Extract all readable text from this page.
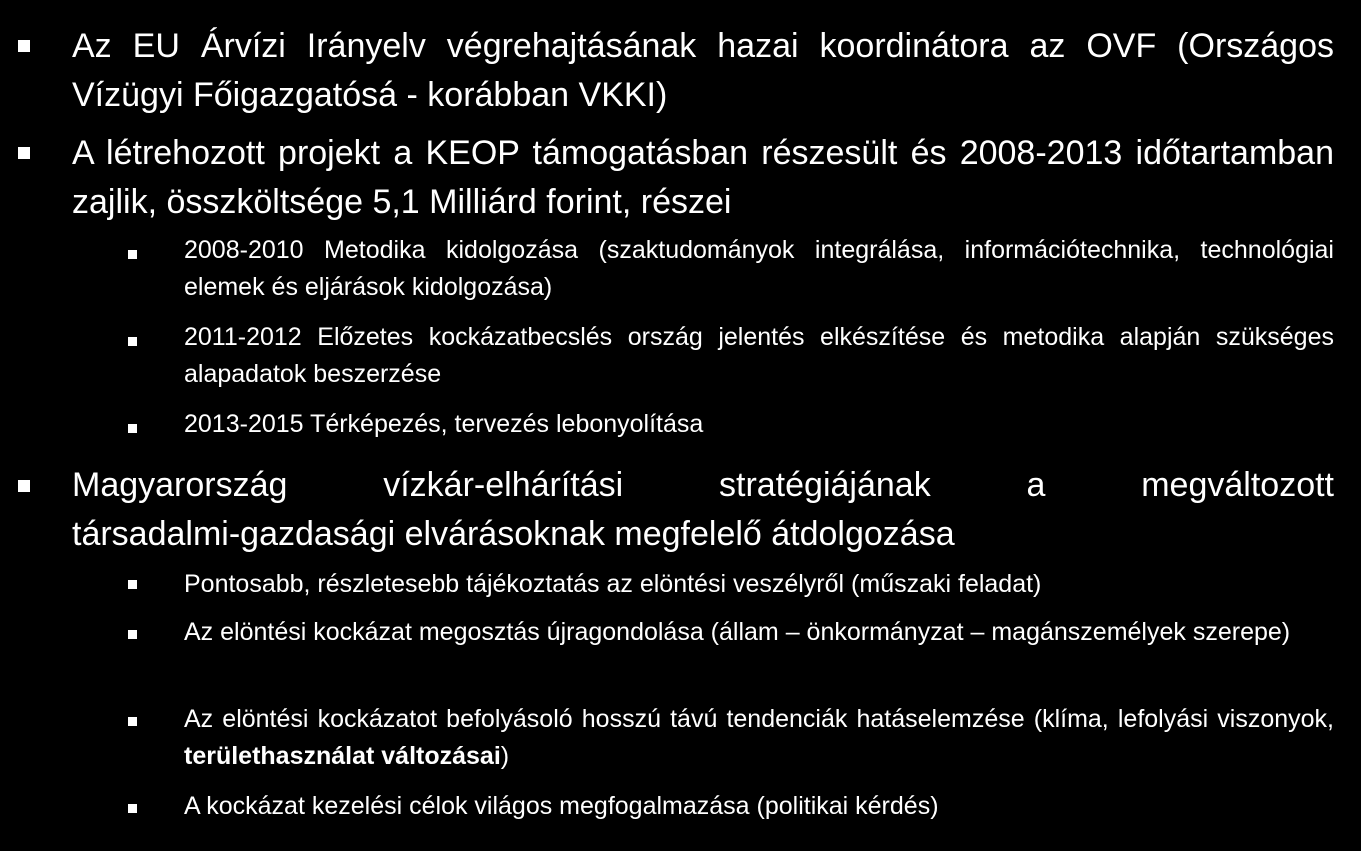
Az EU Árvízi Irányelv végrehajtásának hazai koordinátora az OVF (Országos Vízügyi Főigazgatósá - korábban VKKI)
A létrehozott projekt a KEOP támogatásban részesült és 2008-2013 időtartamban zajlik, összköltsége 5,1 Milliárd forint, részei
2008-2010 Metodika kidolgozása (szaktudományok integrálása, információtechnika, technológiai elemek és eljárások kidolgozása)
2011-2012 Előzetes kockázatbecslés ország jelentés elkészítése és metodika alapján szükséges alapadatok beszerzése
2013-2015 Térképezés, tervezés lebonyolítása
Magyarország vízkár-elhárítási stratégiájának a megváltozott
társadalmi-gazdasági elvárásoknak megfelelő átdolgozása
Pontosabb, részletesebb tájékoztatás az elöntési veszélyről (műszaki feladat)
Az elöntési kockázat megosztás újragondolása (állam – önkormányzat – magánszemélyek szerepe)
Az elöntési kockázatot befolyásoló hosszú távú tendenciák hatáselemzése (klíma, lefolyási viszonyok, területhasználat változásai)
A kockázat kezelési célok világos megfogalmazása (politikai kérdés)
